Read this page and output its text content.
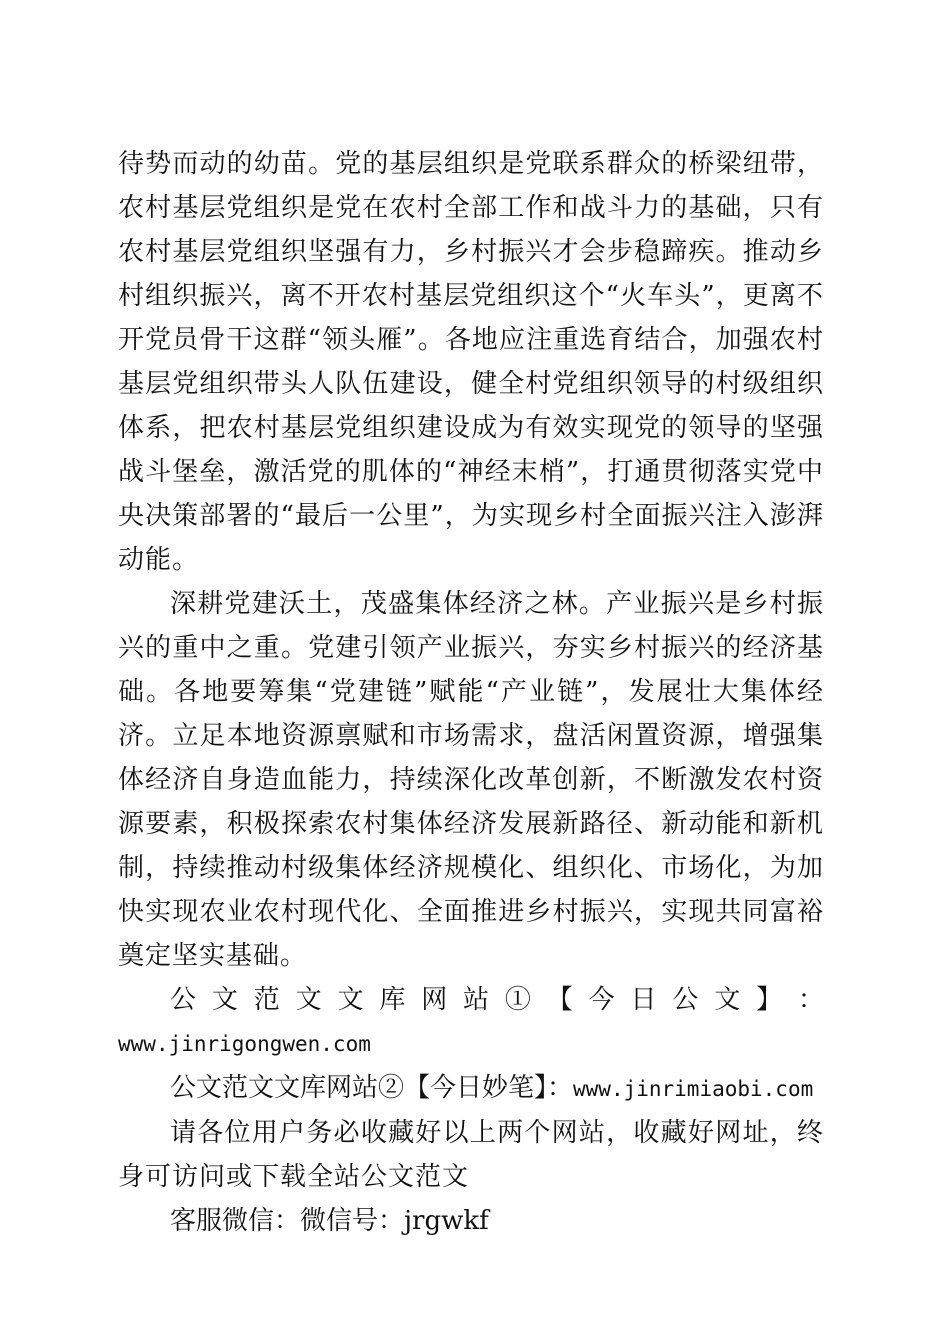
待势而动的幼苗。党的基层组织是党联系群众的桥梁纽带，农村基层党组织是党在农村全部工作和战斗力的基础，只有农村基层党组织坚强有力，乡村振兴才会步稳蹄疾。推动乡村组织振兴，离不开农村基层党组织这个“火车头”，更离不开党员骨干这群“领头雁”。各地应注重选育结合，加强农村基层党组织带头人队伍建设，健全村党组织领导的村级组织体系，把农村基层党组织建设成为有效实现党的领导的坚强战斗堡垒，激活党的肌体的“神经末梢”，打通贯彻落实党中央决策部署的“最后一公里”，为实现乡村全面振兴注入澎湃动能。

深耕党建沃土，茂盛集体经济之林。产业振兴是乡村振兴的重中之重。党建引领产业振兴，夯实乡村振兴的经济基础。各地要筹集“党建链”赋能“产业链”，发展壮大集体经济。立足本地资源禀赋和市场需求，盘活闲置资源，增强集体经济自身造血能力，持续深化改革创新，不断激发农村资源要素，积极探索农村集体经济发展新路径、新动能和新机制，持续推动村级集体经济规模化、组织化、市场化，为加快实现农业农村现代化、全面推进乡村振兴，实现共同富裕奠定坚实基础。

公 文 范 文 文 库 网 站 ① 【 今 日 公 文 】 ：

www.jinrigongwen.com

公文范文文库网站②【今日妙笔】：www.jinrimiaobi.com

请各位用户务必收藏好以上两个网站，收藏好网址，终身可访问或下载全站公文范文

客服微信：微信号：jrgwkf
